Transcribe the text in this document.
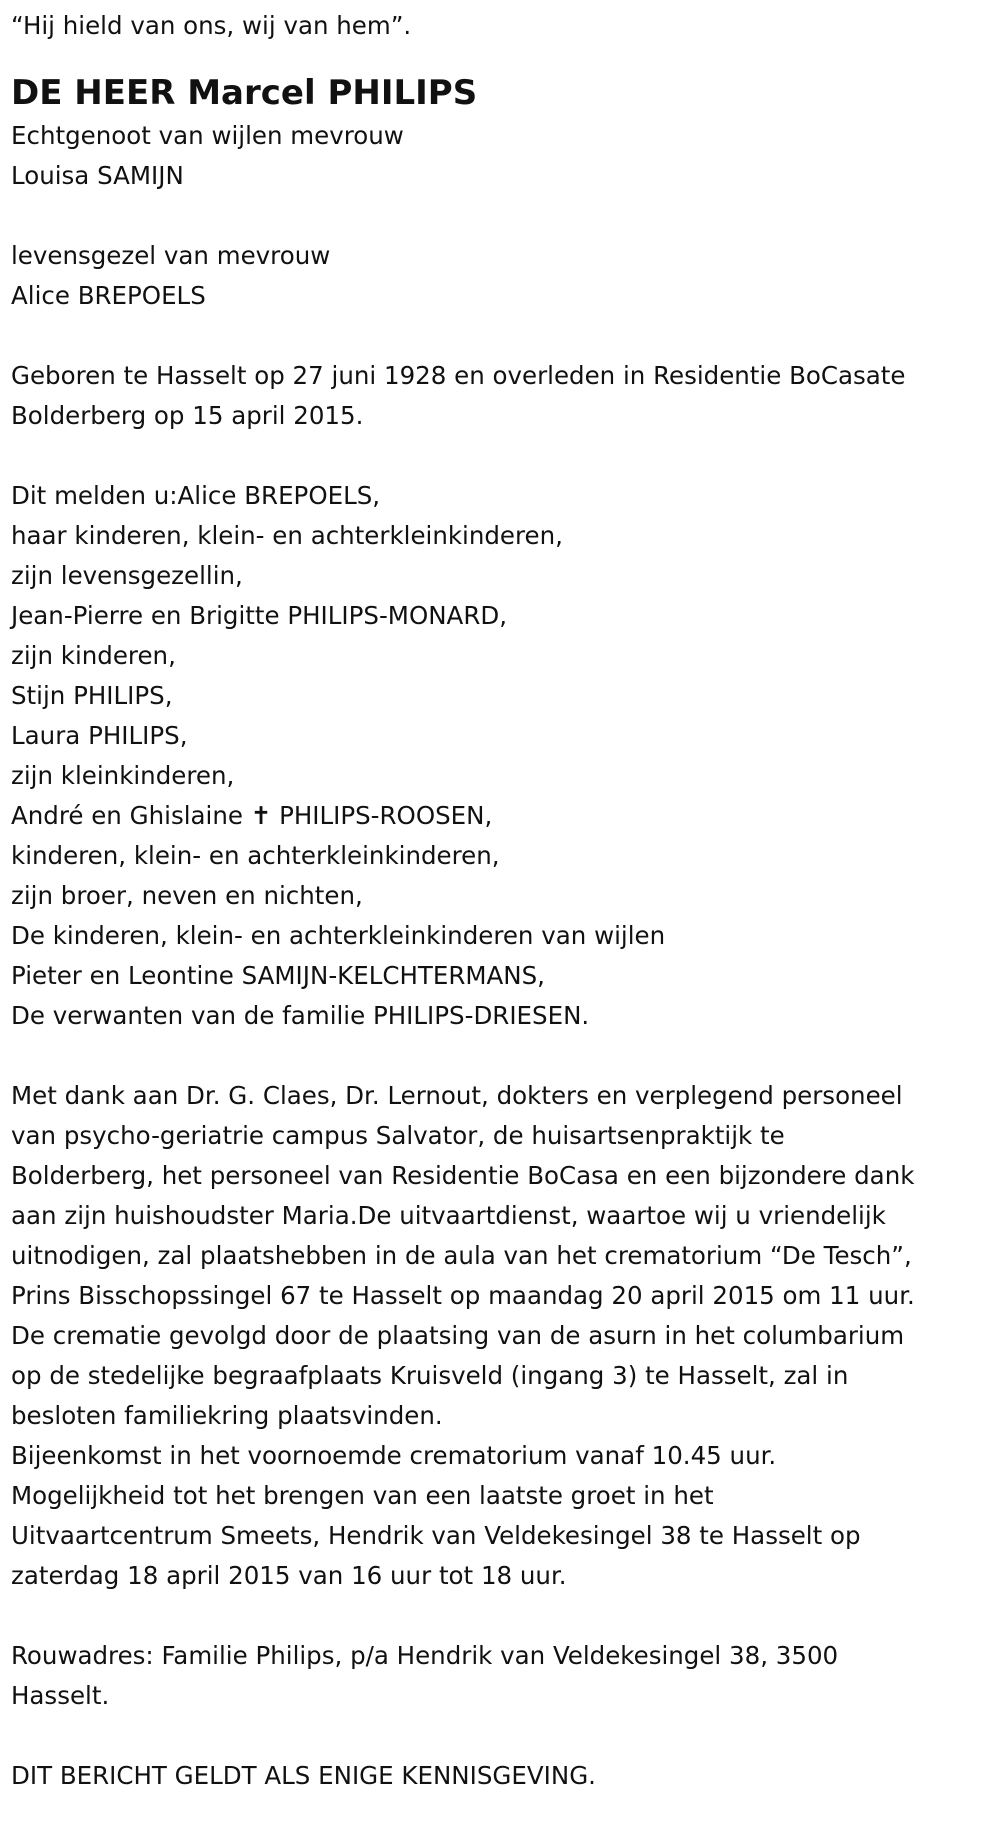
“Hij hield van ons, wij van hem”.
DE HEER Marcel PHILIPS
Echtgenoot van wijlen mevrouw
Louisa SAMIJN
levensgezel van mevrouw
Alice BREPOELS
Geboren te Hasselt op 27 juni 1928 en overleden in Residentie BoCasate
Bolderberg op 15 april 2015.
Dit melden u:Alice BREPOELS,
haar kinderen, klein- en achterkleinkinderen,
zijn levensgezellin,
Jean-Pierre en Brigitte PHILIPS-MONARD,
zijn kinderen,
Stijn PHILIPS,
Laura PHILIPS,
zijn kleinkinderen,
André en Ghislaine ✝ PHILIPS-ROOSEN,
kinderen, klein- en achterkleinkinderen,
zijn broer, neven en nichten,
De kinderen, klein- en achterkleinkinderen van wijlen
Pieter en Leontine SAMIJN-KELCHTERMANS,
De verwanten van de familie PHILIPS-DRIESEN.
Met dank aan Dr. G. Claes, Dr. Lernout, dokters en verplegend personeel
van psycho-geriatrie campus Salvator, de huisartsenpraktijk te
Bolderberg, het personeel van Residentie BoCasa en een bijzondere dank
aan zijn huishoudster Maria.De uitvaartdienst, waartoe wij u vriendelijk
uitnodigen, zal plaatshebben in de aula van het crematorium “De Tesch”,
Prins Bisschopssingel 67 te Hasselt op maandag 20 april 2015 om 11 uur.
De crematie gevolgd door de plaatsing van de asurn in het columbarium
op de stedelijke begraafplaats Kruisveld (ingang 3) te Hasselt, zal in
besloten familiekring plaatsvinden.
Bijeenkomst in het voornoemde crematorium vanaf 10.45 uur.
Mogelijkheid tot het brengen van een laatste groet in het
Uitvaartcentrum Smeets, Hendrik van Veldekesingel 38 te Hasselt op
zaterdag 18 april 2015 van 16 uur tot 18 uur.
Rouwadres: Familie Philips, p/a Hendrik van Veldekesingel 38, 3500
Hasselt.
DIT BERICHT GELDT ALS ENIGE KENNISGEVING.
